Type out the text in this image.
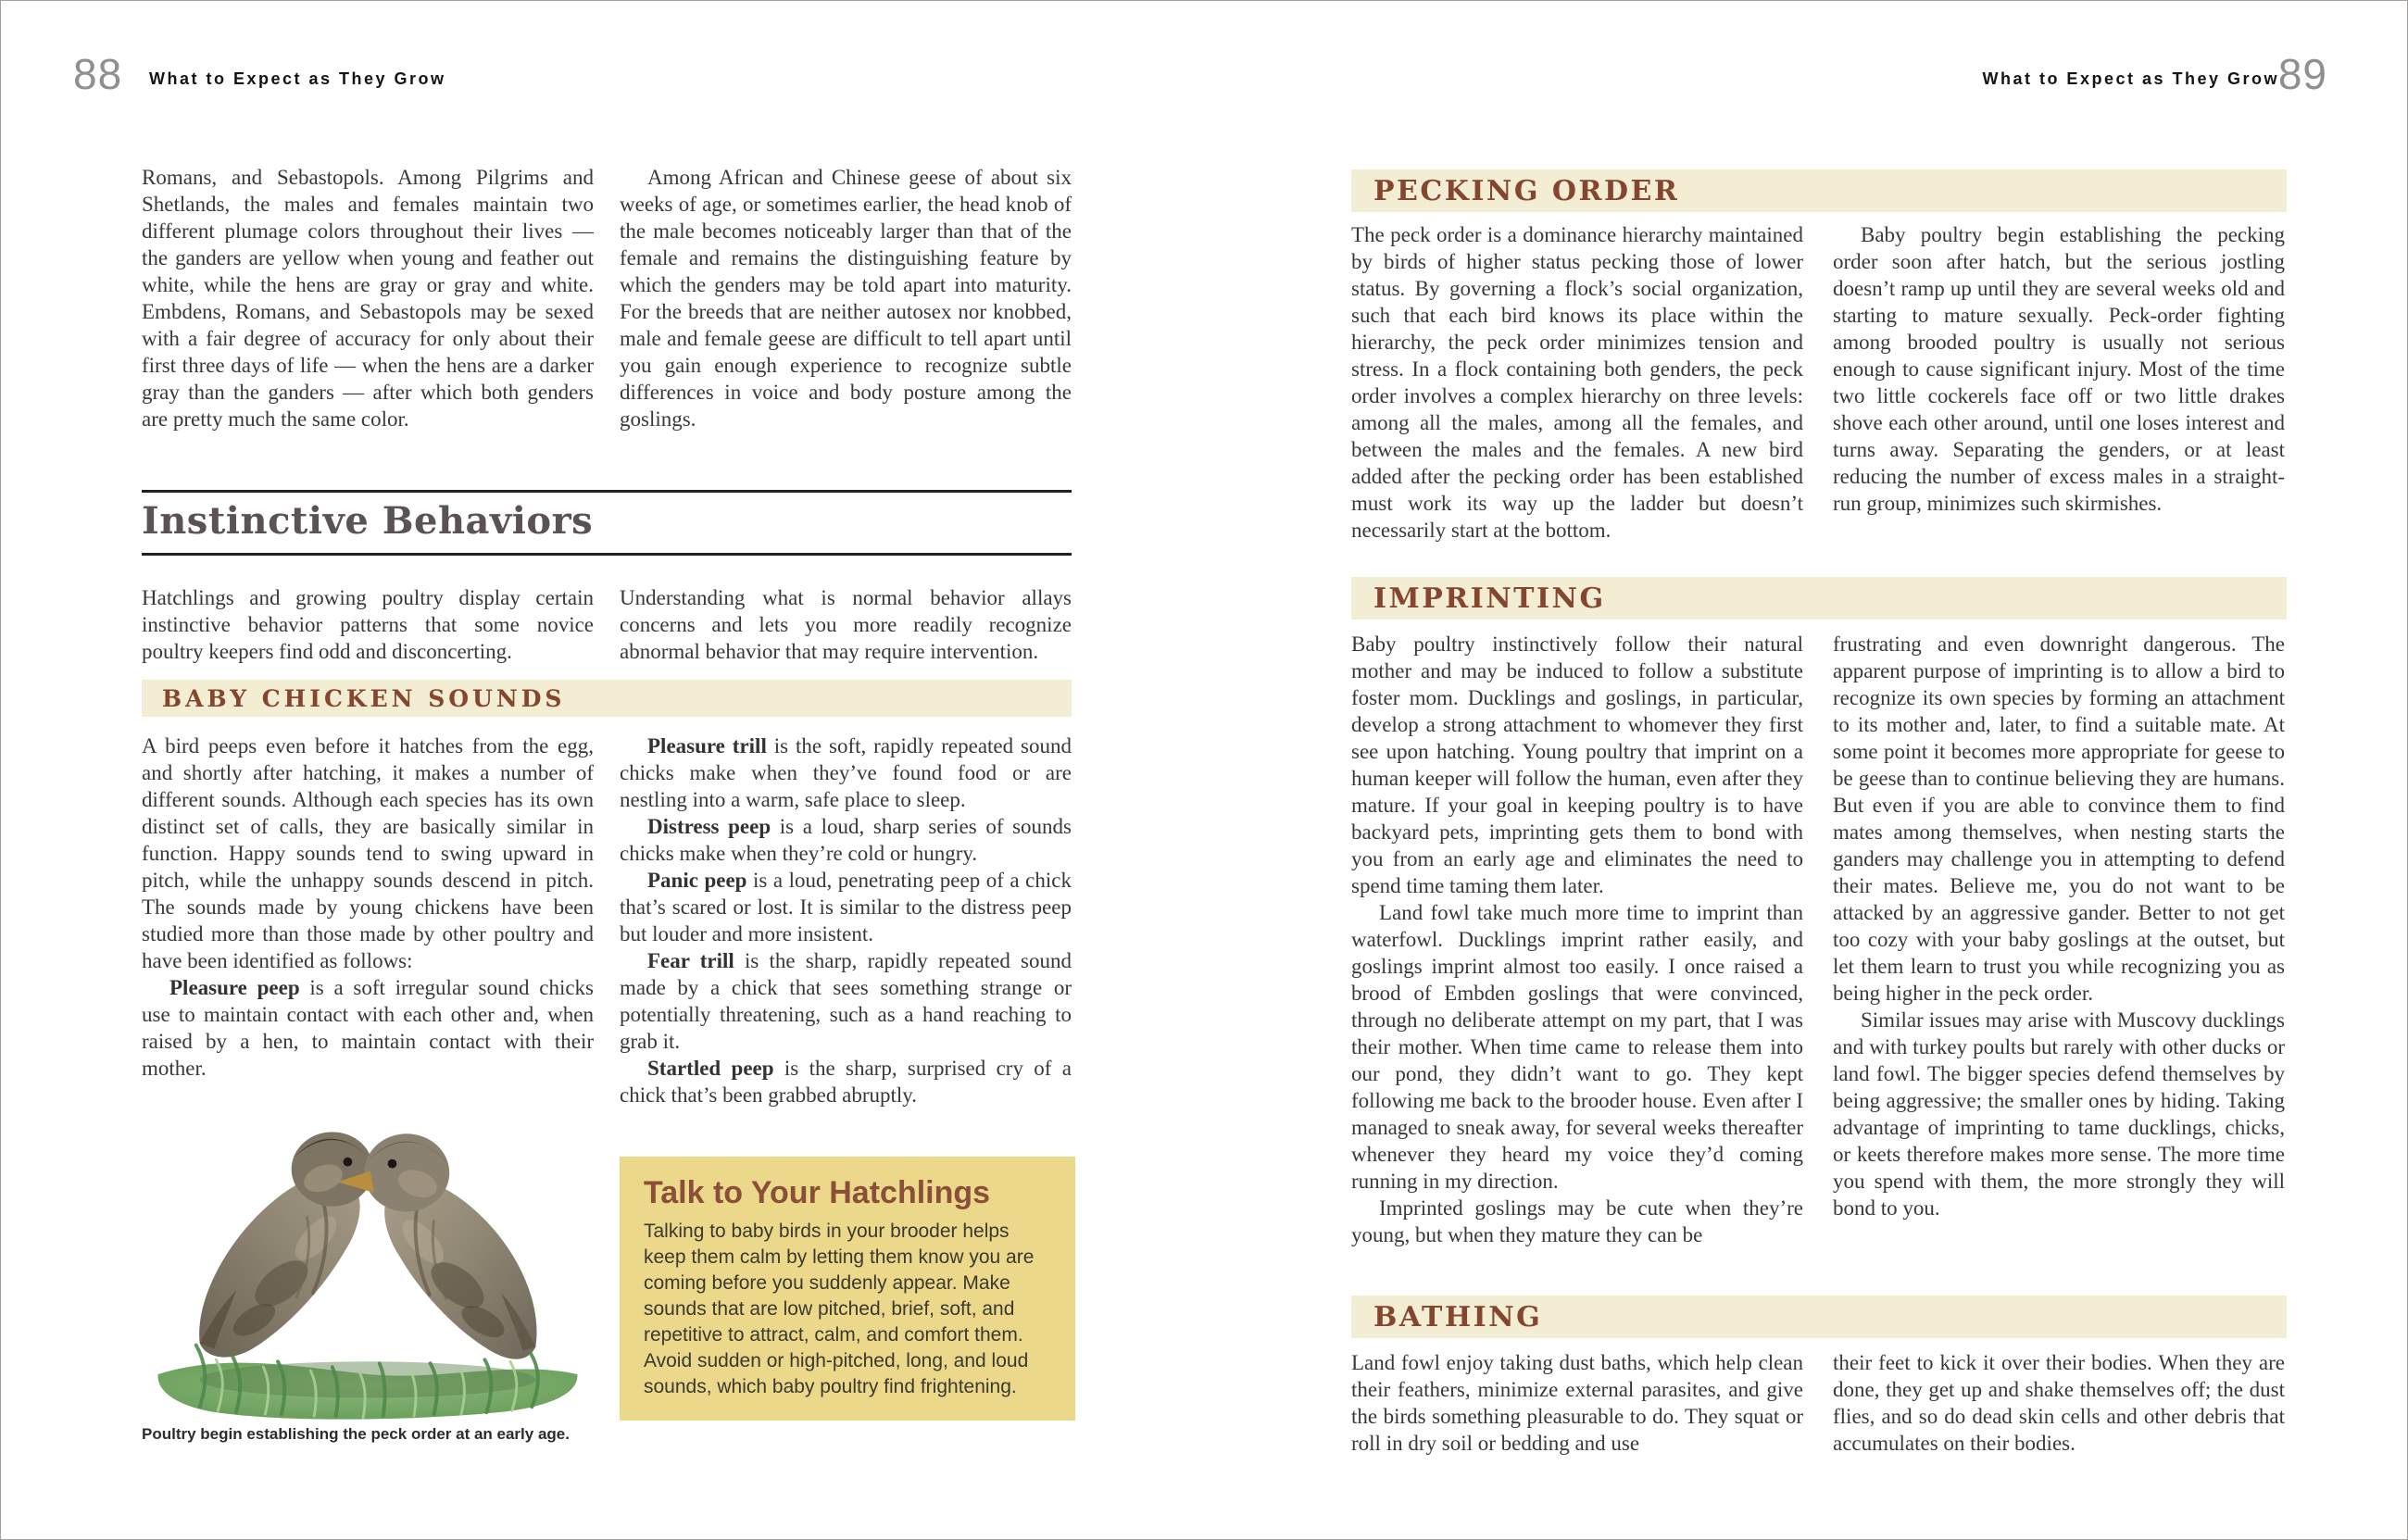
88 What to Expect as They Grow

Romans, and Sebastopols. Among Pilgrims and Shetlands, the males and females maintain two different plumage colors throughout their lives — the ganders are yellow when young and feather out white, while the hens are gray or gray and white. Embdens, Romans, and Sebastopols may be sexed with a fair degree of accuracy for only about their first three days of life — when the hens are a darker gray than the ganders — after which both genders are pretty much the same color.

Among African and Chinese geese of about six weeks of age, or sometimes earlier, the head knob of the male becomes noticeably larger than that of the female and remains the distinguishing feature by which the genders may be told apart into maturity. For the breeds that are neither autosex nor knobbed, male and female geese are difficult to tell apart until you gain enough experience to recognize subtle differences in voice and body posture among the goslings.

Instinctive Behaviors

Hatchlings and growing poultry display certain instinctive behavior patterns that some novice poultry keepers find odd and disconcerting.

Understanding what is normal behavior allays concerns and lets you more readily recognize abnormal behavior that may require intervention.

BABY CHICKEN SOUNDS

A bird peeps even before it hatches from the egg, and shortly after hatching, it makes a number of different sounds. Although each species has its own distinct set of calls, they are basically similar in function. Happy sounds tend to swing upward in pitch, while the unhappy sounds descend in pitch. The sounds made by young chickens have been studied more than those made by other poultry and have been identified as follows:

Pleasure peep is a soft irregular sound chicks use to maintain contact with each other and, when raised by a hen, to maintain contact with their mother.

Pleasure trill is the soft, rapidly repeated sound chicks make when they’ve found food or are nestling into a warm, safe place to sleep.

Distress peep is a loud, sharp series of sounds chicks make when they’re cold or hungry.

Panic peep is a loud, penetrating peep of a chick that’s scared or lost. It is similar to the distress peep but louder and more insistent.

Fear trill is the sharp, rapidly repeated sound made by a chick that sees something strange or potentially threatening, such as a hand reaching to grab it.

Startled peep is the sharp, surprised cry of a chick that’s been grabbed abruptly.

Poultry begin establishing the peck order at an early age.
Talk to Your Hatchlings
Talking to baby birds in your brooder helps keep them calm by letting them know you are coming before you suddenly appear. Make sounds that are low pitched, brief, soft, and repetitive to attract, calm, and comfort them. Avoid sudden or high-pitched, long, and loud sounds, which baby poultry find frightening.
What to Expect as They Grow
89
PECKING ORDER

The peck order is a dominance hierarchy maintained by birds of higher status pecking those of lower status. By governing a flock’s social organization, such that each bird knows its place within the hierarchy, the peck order minimizes tension and stress. In a flock containing both genders, the peck order involves a complex hierarchy on three levels: among all the males, among all the females, and between the males and the females. A new bird added after the pecking order has been established must work its way up the ladder but doesn’t necessarily start at the bottom.

Baby poultry begin establishing the pecking order soon after hatch, but the serious jostling doesn’t ramp up until they are several weeks old and starting to mature sexually. Peck-order fighting among brooded poultry is usually not serious enough to cause significant injury. Most of the time two little cockerels face off or two little drakes shove each other around, until one loses interest and turns away. Separating the genders, or at least reducing the number of excess males in a straight-run group, minimizes such skirmishes.

IMPRINTING

Baby poultry instinctively follow their natural mother and may be induced to follow a substitute foster mom. Ducklings and goslings, in particular, develop a strong attachment to whomever they first see upon hatching. Young poultry that imprint on a human keeper will follow the human, even after they mature. If your goal in keeping poultry is to have backyard pets, imprinting gets them to bond with you from an early age and eliminates the need to spend time taming them later.

Land fowl take much more time to imprint than waterfowl. Ducklings imprint rather easily, and goslings imprint almost too easily. I once raised a brood of Embden goslings that were convinced, through no deliberate attempt on my part, that I was their mother. When time came to release them into our pond, they didn’t want to go. They kept following me back to the brooder house. Even after I managed to sneak away, for several weeks thereafter whenever they heard my voice they’d coming running in my direction.

Imprinted goslings may be cute when they’re young, but when they mature they can be

frustrating and even downright dangerous. The apparent purpose of imprinting is to allow a bird to recognize its own species by forming an attachment to its mother and, later, to find a suitable mate. At some point it becomes more appropriate for geese to be geese than to continue believing they are humans. But even if you are able to convince them to find mates among themselves, when nesting starts the ganders may challenge you in attempting to defend their mates. Believe me, you do not want to be attacked by an aggressive gander. Better to not get too cozy with your baby goslings at the outset, but let them learn to trust you while recognizing you as being higher in the peck order.

Similar issues may arise with Muscovy ducklings and with turkey poults but rarely with other ducks or land fowl. The bigger species defend themselves by being aggressive; the smaller ones by hiding. Taking advantage of imprinting to tame ducklings, chicks, or keets therefore makes more sense. The more time you spend with them, the more strongly they will bond to you.

BATHING

Land fowl enjoy taking dust baths, which help clean their feathers, minimize external parasites, and give the birds something pleasurable to do. They squat or roll in dry soil or bedding and use

their feet to kick it over their bodies. When they are done, they get up and shake themselves off; the dust flies, and so do dead skin cells and other debris that accumulates on their bodies.
